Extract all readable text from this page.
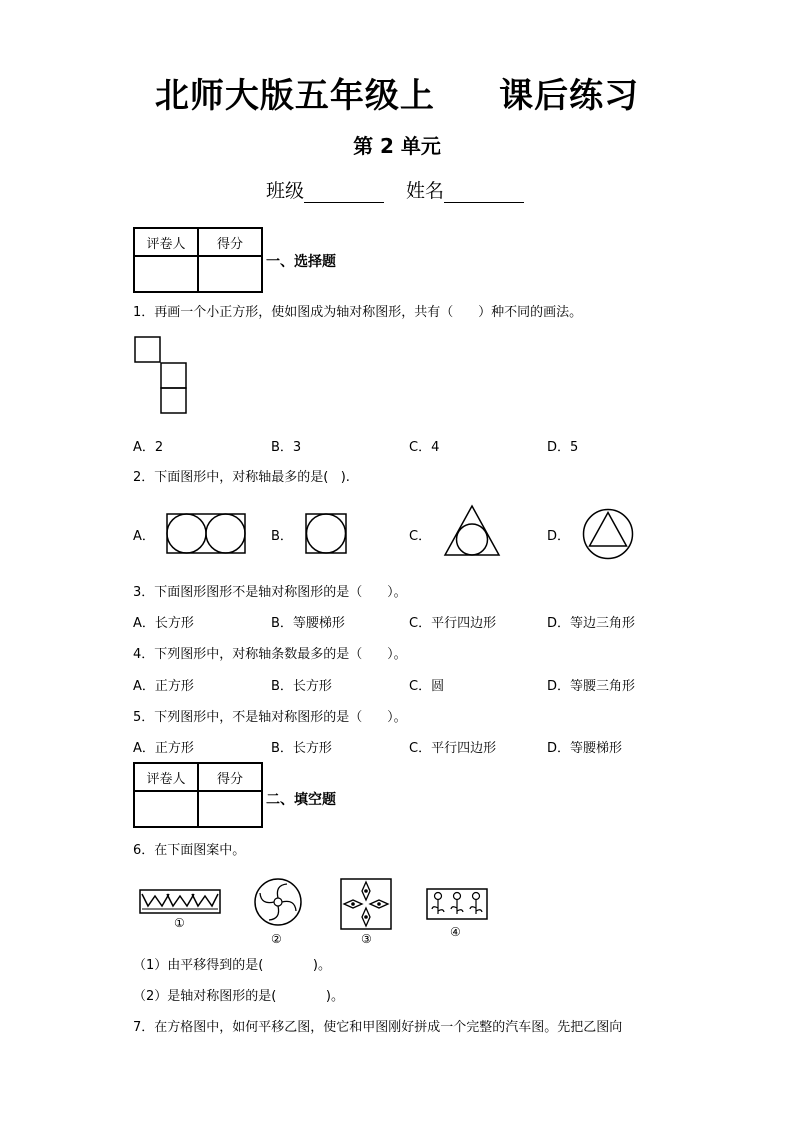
北师大版五年级上     课后练习
第 2 单元
班级	姓名
评卷人	得分

一、选择题
1．再画一个小正方形，使如图成为轴对称图形，共有（      ）种不同的画法。
A．2	B．3	C．4	D．5
2．下面图形中，对称轴最多的是(   ).
A．	B．	C．	D．
3．下面图形图形不是轴对称图形的是（      ）。
A．长方形	B．等腰梯形	C．平行四边形	D．等边三角形
4．下列图形中，对称轴条数最多的是（      ）。
A．正方形	B．长方形	C．圆	D．等腰三角形
5．下列图形中，不是轴对称图形的是（      ）。
A．正方形	B．长方形	C．平行四边形	D．等腰梯形
评卷人	得分

二、填空题
6．在下面图案中。
①
②	③	④
（1）由平移得到的是(            )。
（2）是轴对称图形的是(            )。
7．在方格图中，如何平移乙图，使它和甲图刚好拼成一个完整的汽车图。先把乙图向
